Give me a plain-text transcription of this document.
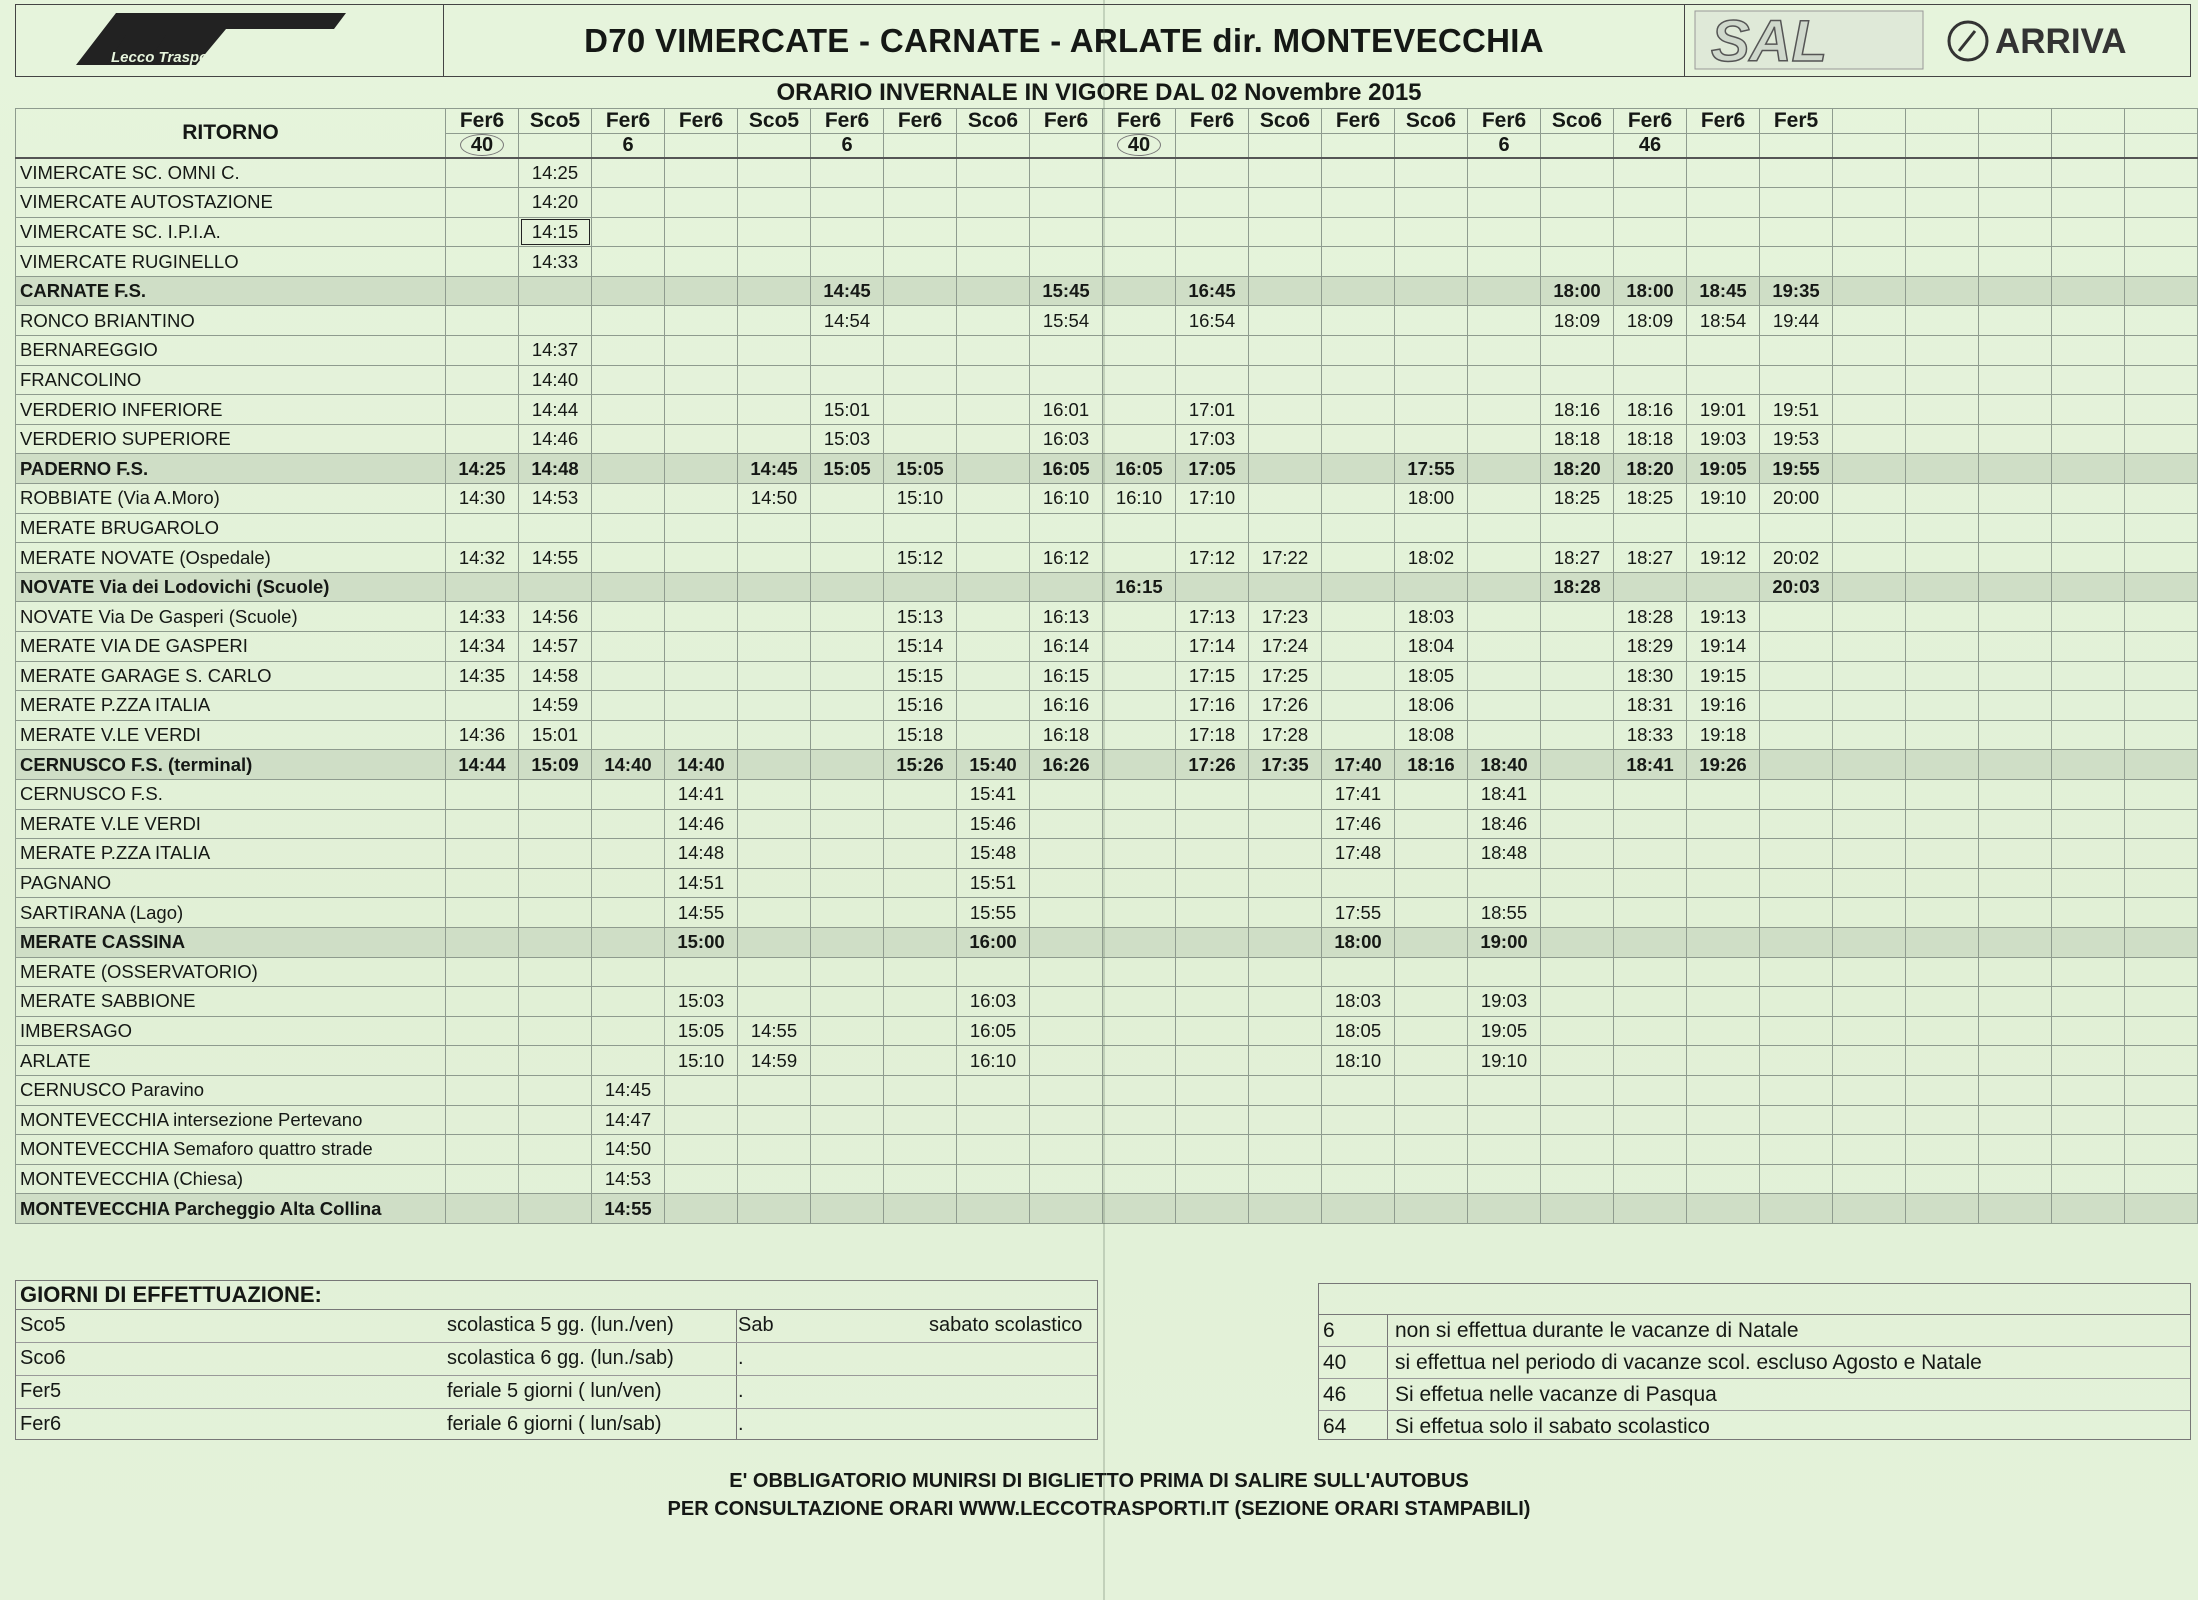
Lecco Trasporti	D70 VIMERCATE - CARNATE - ARLATE dir. MONTEVECCHIA	SAL	ARRIVA
ORARIO INVERNALE IN VIGORE DAL 02 Novembre 2015
RITORNO	Fer6	Sco5	Fer6	Fer6	Sco5	Fer6	Fer6	Sco6	Fer6	Fer6	Fer6	Sco6	Fer6	Sco6	Fer6	Sco6	Fer6	Fer6	Fer5						
	40		6			6				40					6		46								
VIMERCATE SC. OMNI C.		14:25																							
VIMERCATE AUTOSTAZIONE		14:20																							
VIMERCATE SC. I.P.I.A.		14:15																							
VIMERCATE RUGINELLO		14:33																							
CARNATE F.S.						14:45			15:45		16:45					18:00	18:00	18:45	19:35						
RONCO BRIANTINO						14:54			15:54		16:54					18:09	18:09	18:54	19:44						
BERNAREGGIO		14:37																							
FRANCOLINO		14:40																							
VERDERIO INFERIORE		14:44				15:01			16:01		17:01					18:16	18:16	19:01	19:51						
VERDERIO SUPERIORE		14:46				15:03			16:03		17:03					18:18	18:18	19:03	19:53						
PADERNO F.S.	14:25	14:48			14:45	15:05	15:05		16:05	16:05	17:05			17:55		18:20	18:20	19:05	19:55						
ROBBIATE (Via A.Moro)	14:30	14:53			14:50		15:10		16:10	16:10	17:10			18:00		18:25	18:25	19:10	20:00						
MERATE BRUGAROLO																									
MERATE NOVATE (Ospedale)	14:32	14:55					15:12		16:12		17:12	17:22		18:02		18:27	18:27	19:12	20:02						
NOVATE Via dei Lodovichi (Scuole)										16:15						18:28			20:03						
NOVATE Via De Gasperi (Scuole)	14:33	14:56					15:13		16:13		17:13	17:23		18:03			18:28	19:13							
MERATE VIA DE GASPERI	14:34	14:57					15:14		16:14		17:14	17:24		18:04			18:29	19:14							
MERATE GARAGE S. CARLO	14:35	14:58					15:15		16:15		17:15	17:25		18:05			18:30	19:15							
MERATE P.ZZA ITALIA		14:59					15:16		16:16		17:16	17:26		18:06			18:31	19:16							
MERATE V.LE VERDI	14:36	15:01					15:18		16:18		17:18	17:28		18:08			18:33	19:18							
CERNUSCO F.S. (terminal)	14:44	15:09	14:40	14:40			15:26	15:40	16:26		17:26	17:35	17:40	18:16	18:40		18:41	19:26							
CERNUSCO F.S.				14:41				15:41					17:41		18:41										
MERATE V.LE VERDI				14:46				15:46					17:46		18:46										
MERATE P.ZZA ITALIA				14:48				15:48					17:48		18:48										
PAGNANO				14:51				15:51																	
SARTIRANA (Lago)				14:55				15:55					17:55		18:55										
MERATE CASSINA				15:00				16:00					18:00		19:00										
MERATE (OSSERVATORIO)																									
MERATE SABBIONE				15:03				16:03					18:03		19:03										
IMBERSAGO				15:05	14:55			16:05					18:05		19:05										
ARLATE				15:10	14:59			16:10					18:10		19:10										
CERNUSCO Paravino			14:45																						
MONTEVECCHIA intersezione Pertevano			14:47																						
MONTEVECCHIA Semaforo quattro strade			14:50																						
MONTEVECCHIA (Chiesa)			14:53																						
MONTEVECCHIA Parcheggio Alta Collina			14:55																						
GIORNI DI EFFETTUAZIONE:
Sco5	scolastica 5 gg. (lun./ven)	Sab	sabato scolastico
Sco6	scolastica 6 gg. (lun./sab)	.
Fer5	feriale 5 giorni ( lun/ven)	.
Fer6	feriale 6 giorni ( lun/sab)	.
6	non si effettua durante le vacanze di Natale
40 si effettua nel periodo di vacanze scol. escluso Agosto e Natale
46 Si effetua nelle vacanze di Pasqua
64 Si effetua solo il sabato scolastico
E' OBBLIGATORIO MUNIRSI DI BIGLIETTO PRIMA DI SALIRE SULL'AUTOBUS
PER CONSULTAZIONE ORARI WWW.LECCOTRASPORTI.IT (SEZIONE ORARI STAMPABILI)
